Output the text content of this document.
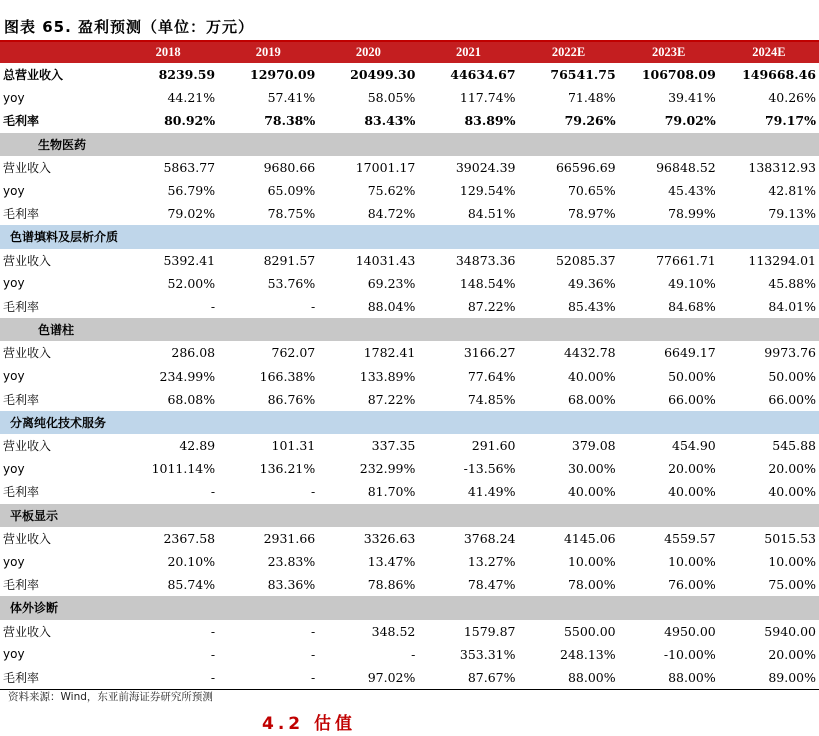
图表 65. 盈利预测（单位：万元）
	2018	2019	2020	2021	2022E	2023E	2024E
总营业收入	8239.59	12970.09	20499.30	44634.67	76541.75	106708.09	149668.46
yoy	44.21%	57.41%	58.05%	117.74%	71.48%	39.41%	40.26%
毛利率	80.92%	78.38%	83.43%	83.89%	79.26%	79.02%	79.17%
生物医药							
营业收入	5863.77	9680.66	17001.17	39024.39	66596.69	96848.52	138312.93
yoy	56.79%	65.09%	75.62%	129.54%	70.65%	45.43%	42.81%
毛利率	79.02%	78.75%	84.72%	84.51%	78.97%	78.99%	79.13%
色谱填料及层析介质							
营业收入	5392.41	8291.57	14031.43	34873.36	52085.37	77661.71	113294.01
yoy	52.00%	53.76%	69.23%	148.54%	49.36%	49.10%	45.88%
毛利率	-	-	88.04%	87.22%	85.43%	84.68%	84.01%
色谱柱							
营业收入	286.08	762.07	1782.41	3166.27	4432.78	6649.17	9973.76
yoy	234.99%	166.38%	133.89%	77.64%	40.00%	50.00%	50.00%
毛利率	68.08%	86.76%	87.22%	74.85%	68.00%	66.00%	66.00%
分离纯化技术服务							
营业收入	42.89	101.31	337.35	291.60	379.08	454.90	545.88
yoy	1011.14%	136.21%	232.99%	-13.56%	30.00%	20.00%	20.00%
毛利率	-	-	81.70%	41.49%	40.00%	40.00%	40.00%
平板显示							
营业收入	2367.58	2931.66	3326.63	3768.24	4145.06	4559.57	5015.53
yoy	20.10%	23.83%	13.47%	13.27%	10.00%	10.00%	10.00%
毛利率	85.74%	83.36%	78.86%	78.47%	78.00%	76.00%	75.00%
体外诊断							
营业收入	-	-	348.52	1579.87	5500.00	4950.00	5940.00
yoy	-	-	-	353.31%	248.13%	-10.00%	20.00%
毛利率	-	-	97.02%	87.67%	88.00%	88.00%	89.00%
资料来源：Wind，东亚前海证券研究所预测
4.2 估值
